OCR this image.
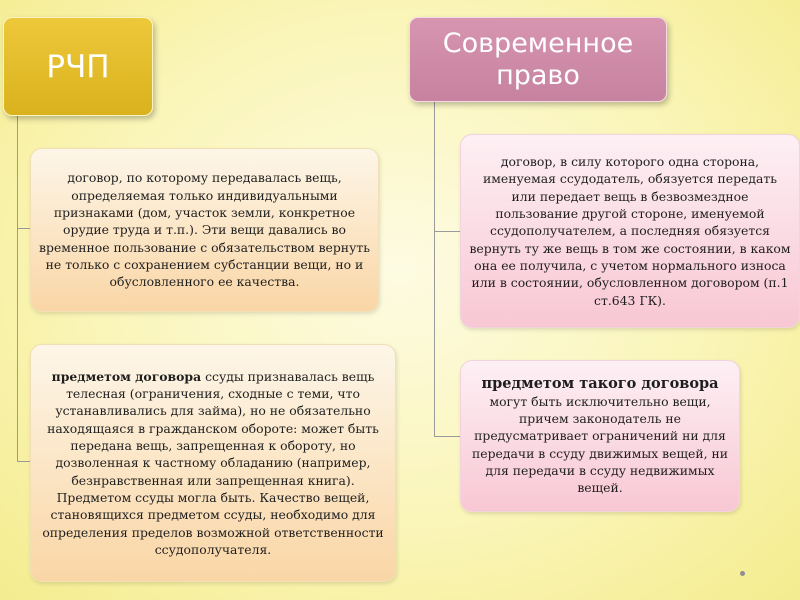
РЧП
Современное
право
договор, по которому передавалась вещь, определяемая только индивидуальными признаками (дом, участок земли, конкретное орудие труда и т.п.). Эти вещи давались во временное пользование с обязательством вернуть не только с сохранением субстанции вещи, но и обусловленного ее качества.
предметом договора ссуды признавалась вещь телесная (ограничения, сходные с теми, что устанавливались для займа), но не обязательно находящаяся в гражданском обороте: может быть передана вещь, запрещенная к обороту, но дозволенная к частному обладанию (например, безнравственная или запрещенная книга). Предметом ссуды могла быть. Качество вещей, становящихся предметом ссуды, необходимо для определения пределов возможной ответственности ссудополучателя.
договор, в силу которого одна сторона, именуемая ссудодатель, обязуется передать или передает вещь в безвозмездное пользование другой стороне, именуемой ссудополучателем, а последняя обязуется вернуть ту же вещь в том же состоянии, в каком она ее получила, с учетом нормального износа или в состоянии, обусловленном договором (п.1 ст.643 ГК).
предметом такого договора
могут быть исключительно вещи, причем законодатель не предусматривает ограничений ни для передачи в ссуду движимых вещей, ни для передачи в ссуду недвижимых вещей.
